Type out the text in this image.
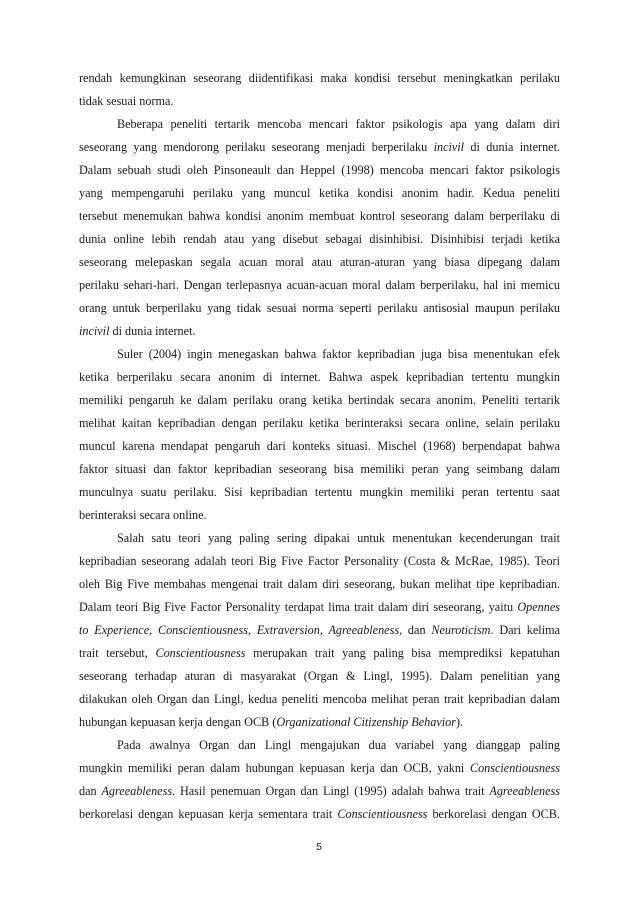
rendah kemungkinan seseorang diidentifikasi maka kondisi tersebut meningkatkan perilaku
tidak sesuai norma.
Beberapa peneliti tertarik mencoba mencari faktor psikologis apa yang dalam diri
seseorang yang mendorong perilaku seseorang menjadi berperilaku incivil di dunia internet.
Dalam sebuah studi oleh Pinsoneault dan Heppel (1998) mencoba mencari faktor psikologis
yang mempengaruhi perilaku yang muncul ketika kondisi anonim hadir. Kedua peneliti
tersebut menemukan bahwa kondisi anonim membuat kontrol seseorang dalam berperilaku di
dunia online lebih rendah atau yang disebut sebagai disinhibisi. Disinhibisi terjadi ketika
seseorang melepaskan segala acuan moral atau aturan-aturan yang biasa dipegang dalam
perilaku sehari-hari. Dengan terlepasnya acuan-acuan moral dalam berperilaku, hal ini memicu
orang untuk berperilaku yang tidak sesuai norma seperti perilaku antisosial maupun perilaku
incivil di dunia internet.
Suler (2004) ingin menegaskan bahwa faktor kepribadian juga bisa menentukan efek
ketika berperilaku secara anonim di internet. Bahwa aspek kepribadian tertentu mungkin
memiliki pengaruh ke dalam perilaku orang ketika bertindak secara anonim. Peneliti tertarik
melihat kaitan kepribadian dengan perilaku ketika berinteraksi secara online, selain perilaku
muncul karena mendapat pengaruh dari konteks situasi. Mischel (1968) berpendapat bahwa
faktor situasi dan faktor kepribadian seseorang bisa memiliki peran yang seimbang dalam
munculnya suatu perilaku. Sisi kepribadian tertentu mungkin memiliki peran tertentu saat
berinteraksi secara online.
Salah satu teori yang paling sering dipakai untuk menentukan kecenderungan trait
kepribadian seseorang adalah teori Big Five Factor Personality (Costa & McRae, 1985). Teori
oleh Big Five membahas mengenai trait dalam diri seseorang, bukan melihat tipe kepribadian.
Dalam teori Big Five Factor Personality terdapat lima trait dalam diri seseorang, yaitu Opennes
to Experience, Conscientiousness, Extraversion, Agreeableness, dan Neuroticism. Dari kelima
trait tersebut, Conscientiousness merupakan trait yang paling bisa memprediksi kepatuhan
seseorang terhadap aturan di masyarakat (Organ & Lingl, 1995). Dalam penelitian yang
dilakukan oleh Organ dan Lingl, kedua peneliti mencoba melihat peran trait kepribadian dalam
hubungan kepuasan kerja dengan OCB (Organizational Citizenship Behavior).
Pada awalnya Organ dan Lingl mengajukan dua variabel yang dianggap paling
mungkin memiliki peran dalam hubungan kepuasan kerja dan OCB, yakni Conscientiousness
dan Agreeableness. Hasil penemuan Organ dan Lingl (1995) adalah bahwa trait Agreeableness
berkorelasi dengan kepuasan kerja sementara trait Conscientiousness berkorelasi dengan OCB.
5
